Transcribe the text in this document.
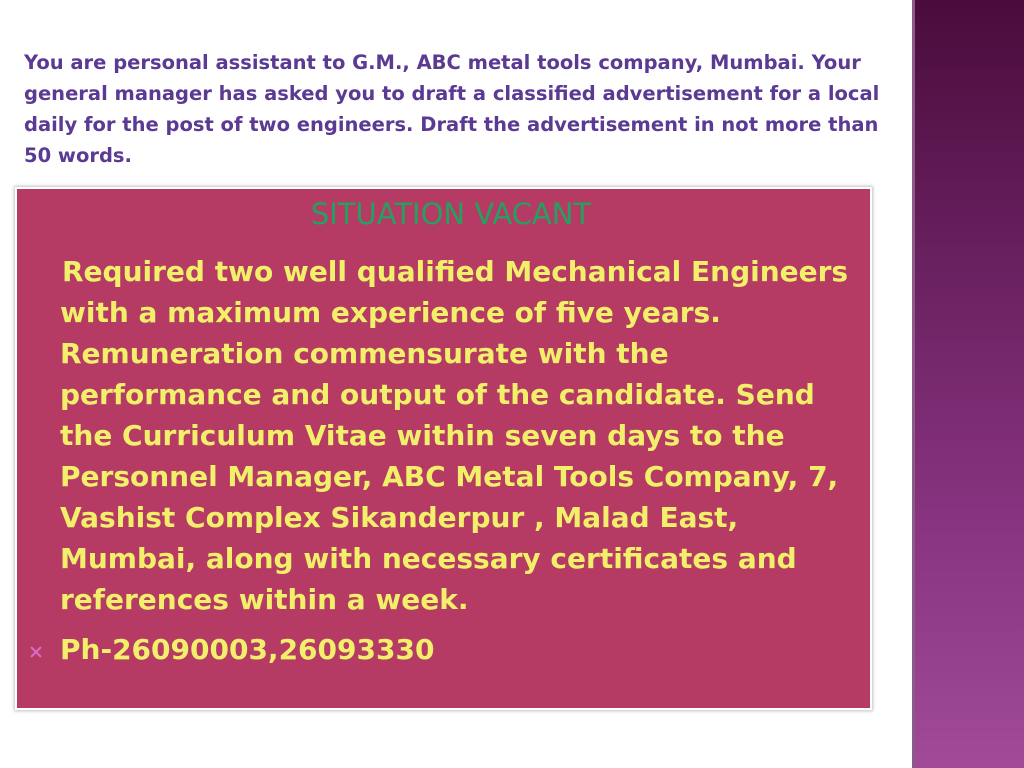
You are personal assistant to G.M., ABC metal tools company, Mumbai. Your general manager has asked you to draft a classified advertisement for a local daily for the post of two engineers. Draft the advertisement in not more than 50 words.

SITUATION VACANT

Required two well qualified Mechanical Engineers with a maximum experience of five years. Remuneration commensurate with the performance and output of the candidate. Send the Curriculum Vitae within seven days to the Personnel Manager, ABC Metal Tools Company, 7, Vashist Complex Sikanderpur , Malad East, Mumbai, along with necessary certificates and references within a week.

Ph-26090003,26093330
